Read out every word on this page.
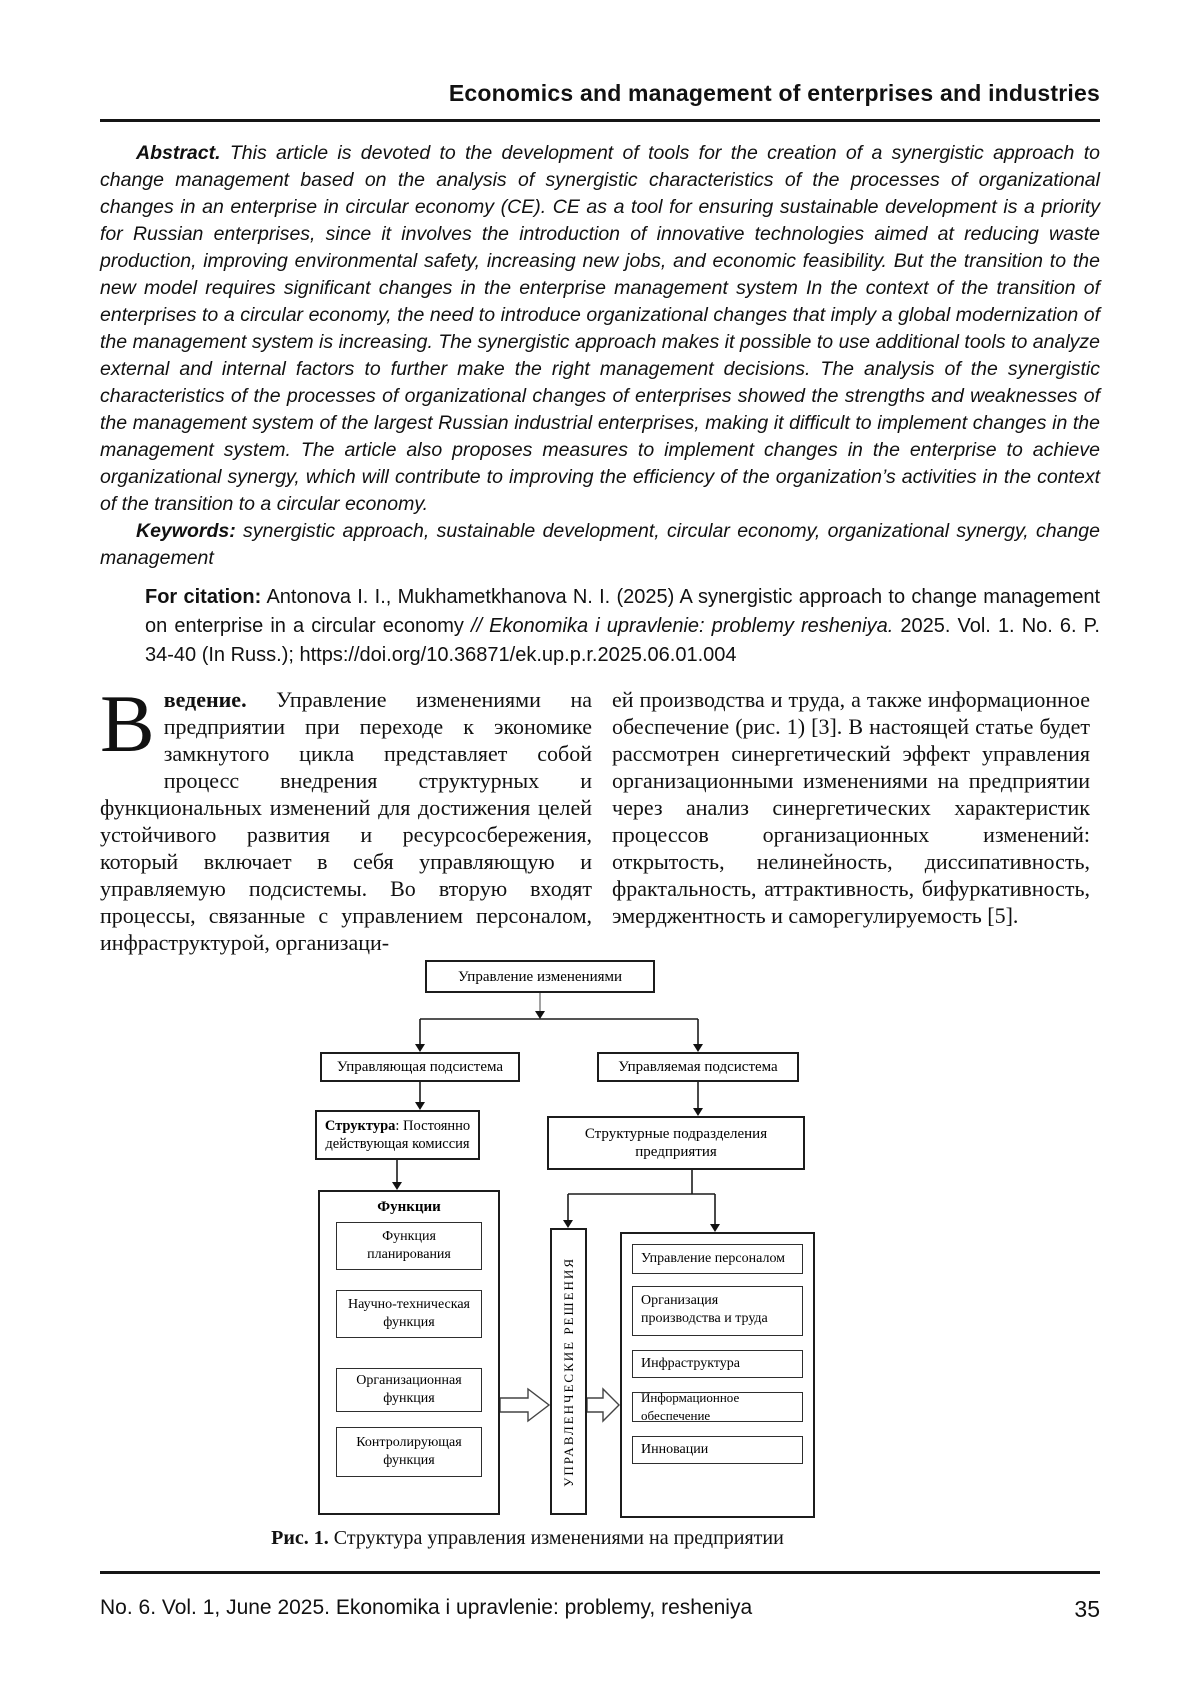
Economics and management of enterprises and industries

Abstract. This article is devoted to the development of tools for the creation of a synergistic approach to change management based on the analysis of synergistic characteristics of the processes of organizational changes in an enterprise in circular economy (CE). CE as a tool for ensuring sustainable development is a priority for Russian enterprises, since it involves the introduction of innovative technologies aimed at reducing waste production, improving environmental safety, increasing new jobs, and economic feasibility. But the transition to the new model requires significant changes in the enterprise management system In the context of the transition of enterprises to a circular economy, the need to introduce organizational changes that imply a global modernization of the management system is increasing. The synergistic approach makes it possible to use additional tools to analyze external and internal factors to further make the right management decisions. The analysis of the synergistic characteristics of the processes of organizational changes of enterprises showed the strengths and weaknesses of the management system of the largest Russian industrial enterprises, making it difficult to implement changes in the management system. The article also proposes measures to implement changes in the enterprise to achieve organizational synergy, which will contribute to improving the efficiency of the organization’s activities in the context of the transition to a circular economy.

Keywords: synergistic approach, sustainable development, circular economy, organizational synergy, change management

For citation: Antonova I. I., Mukhametkhanova N. I. (2025) A synergistic approach to change management on enterprise in a circular economy // Ekonomika i upravlenie: problemy resheniya. 2025. Vol. 1. No. 6. P. 34-40 (In Russ.); https://doi.org/10.36871/ek.up.p.r.2025.06.01.004
Введение. Управление изменениями на предприятии при переходе к экономике замкнутого цикла представляет собой процесс внедрения структурных и функциональных изменений для достижения целей устойчивого развития и ресурсосбережения, который включает в себя управляющую и управляемую подсистемы. Во вторую входят процессы, связанные с управлением персоналом, инфраструктурой, организаци-
ей производства и труда, а также информационное обеспечение (рис. 1) [3]. В настоящей статье будет рассмотрен синергетический эффект управления организационными изменениями на предприятии через анализ синергетических характеристик процессов организационных изменений: открытость, нелинейность, диссипативность, фрактальность, аттрактивность, бифуркативность, эмерджентность и саморегулируемость [5].
Управление изменениями
Управляющая подсистема	Управляемая подсистема
Структура: Постоянно действующая комиссия
Структурные подразделения предприятия
Функции
Функция планирования
Научно-техническая функция
Организационная функция
Контролирующая функция	УПРАВЛЕНЧЕСКИЕ РЕШЕНИЯ	Управление персоналом
Организация производства и труда
Инфраструктура
Информационное обеспечение
Инновации
Рис. 1. Структура управления изменениями на предприятии
35
No. 6. Vol. 1, June 2025. Ekonomika i upravlenie: problemy, resheniya
